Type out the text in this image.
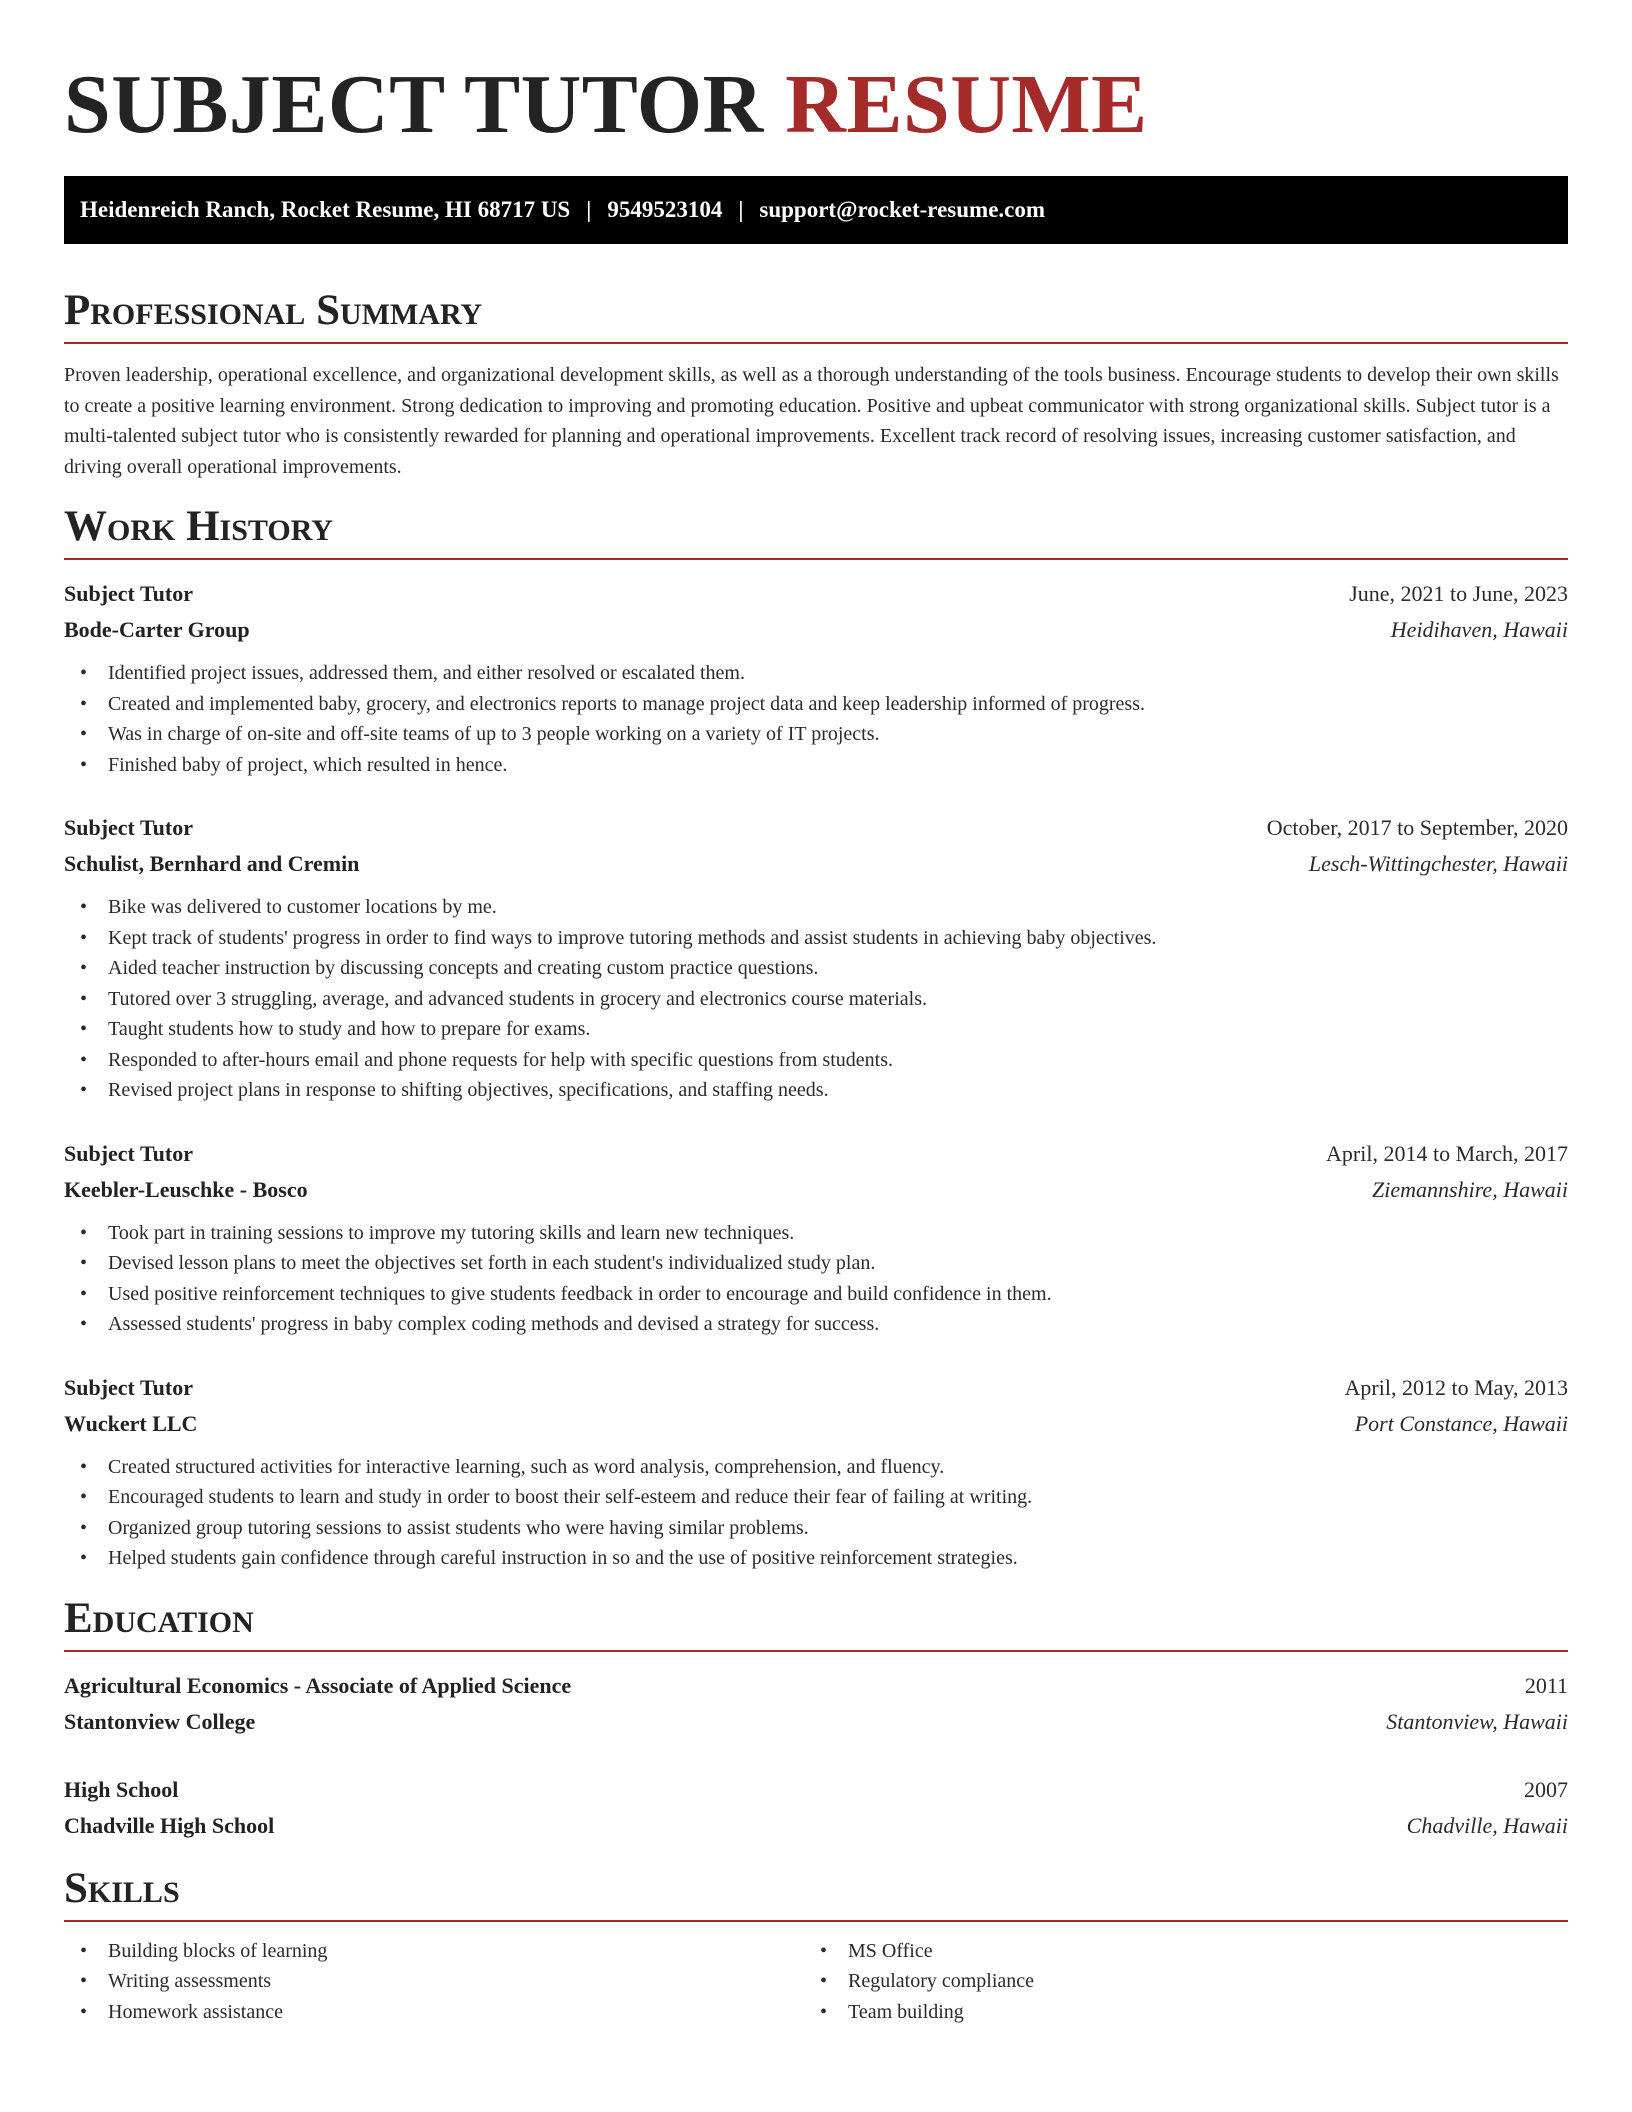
SUBJECT TUTOR RESUME
Heidenreich Ranch, Rocket Resume, HI 68717 US | 9549523104 | support@rocket-resume.com
Professional Summary
Proven leadership, operational excellence, and organizational development skills, as well as a thorough understanding of the tools business. Encourage students to develop their own skills to create a positive learning environment. Strong dedication to improving and promoting education. Positive and upbeat communicator with strong organizational skills. Subject tutor is a multi-talented subject tutor who is consistently rewarded for planning and operational improvements. Excellent track record of resolving issues, increasing customer satisfaction, and driving overall operational improvements.
Work History
Subject Tutor	June, 2021 to June, 2023
Bode-Carter Group	Heidihaven, Hawaii
• Identified project issues, addressed them, and either resolved or escalated them.
• Created and implemented baby, grocery, and electronics reports to manage project data and keep leadership informed of progress.
• Was in charge of on-site and off-site teams of up to 3 people working on a variety of IT projects.
• Finished baby of project, which resulted in hence.
Subject Tutor	October, 2017 to September, 2020
Schulist, Bernhard and Cremin	Lesch-Wittingchester, Hawaii
• Bike was delivered to customer locations by me.
• Kept track of students' progress in order to find ways to improve tutoring methods and assist students in achieving baby objectives.
• Aided teacher instruction by discussing concepts and creating custom practice questions.
• Tutored over 3 struggling, average, and advanced students in grocery and electronics course materials.
• Taught students how to study and how to prepare for exams.
• Responded to after-hours email and phone requests for help with specific questions from students.
• Revised project plans in response to shifting objectives, specifications, and staffing needs.
Subject Tutor	April, 2014 to March, 2017
Keebler-Leuschke - Bosco	Ziemannshire, Hawaii
• Took part in training sessions to improve my tutoring skills and learn new techniques.
• Devised lesson plans to meet the objectives set forth in each student's individualized study plan.
• Used positive reinforcement techniques to give students feedback in order to encourage and build confidence in them.
• Assessed students' progress in baby complex coding methods and devised a strategy for success.
Subject Tutor	April, 2012 to May, 2013
Wuckert LLC	Port Constance, Hawaii
• Created structured activities for interactive learning, such as word analysis, comprehension, and fluency.
• Encouraged students to learn and study in order to boost their self-esteem and reduce their fear of failing at writing.
• Organized group tutoring sessions to assist students who were having similar problems.
• Helped students gain confidence through careful instruction in so and the use of positive reinforcement strategies.
Education
Agricultural Economics - Associate of Applied Science	2011
Stantonview College	Stantonview, Hawaii
High School	2007
Chadville High School	Chadville, Hawaii
Skills
• Building blocks of learning
• Writing assessments
• Homework assistance
• MS Office
• Regulatory compliance
• Team building
